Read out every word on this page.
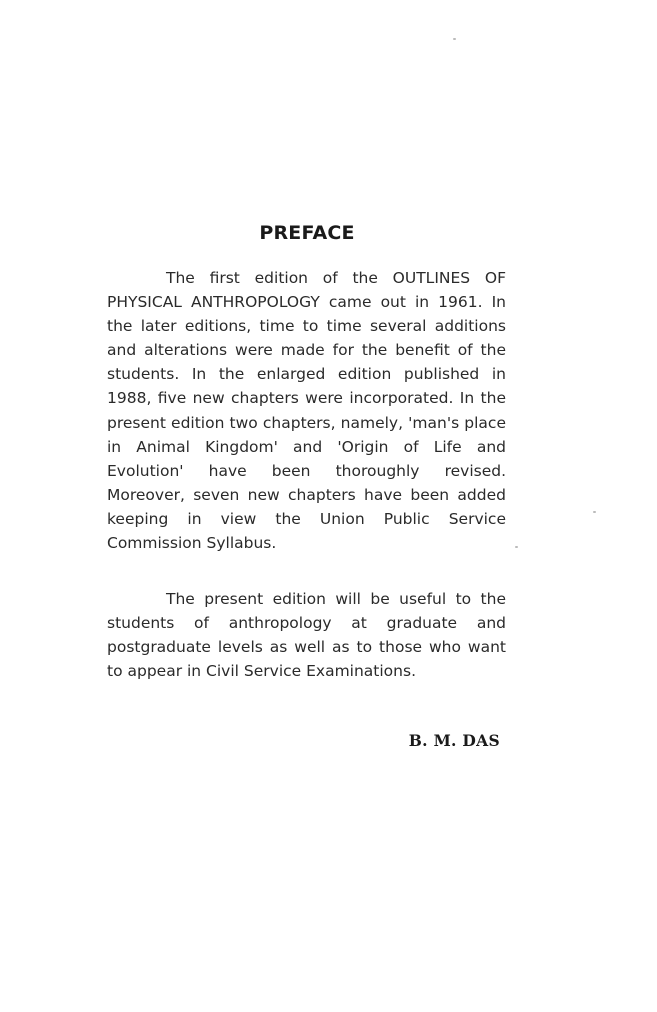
PREFACE

The first edition of the OUTLINES OF PHYSICAL ANTHROPOLOGY came out in 1961. In the later editions, time to time several additions and alterations were made for the benefit of the students. In the enlarged edition published in 1988, five new chapters were incorporated. In the present edition two chapters, namely, 'man's place in Animal Kingdom' and 'Origin of Life and Evolution' have been thoroughly revised. Moreover, seven new chapters have been added keeping in view the Union Public Service Commission Syllabus.

The present edition will be useful to the students of anthropology at graduate and postgraduate levels as well as to those who want to appear in Civil Service Examinations.

B. M. DAS
